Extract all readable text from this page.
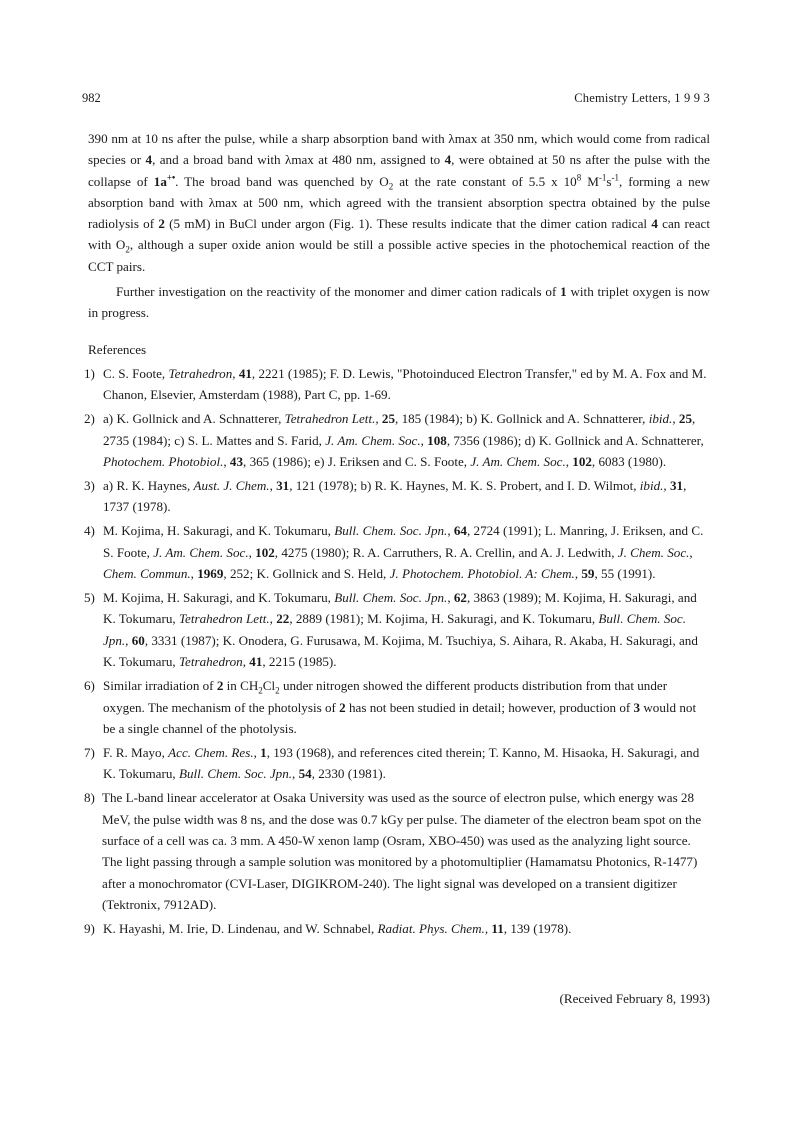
982	Chemistry Letters, 1 9 9 3

390 nm at 10 ns after the pulse, while a sharp absorption band with λmax at 350 nm, which would come from radical species or 4, and a broad band with λmax at 480 nm, assigned to 4, were obtained at 50 ns after the pulse with the collapse of 1a+•. The broad band was quenched by $O_2$ at the rate constant of 5.5 x $10^8$ $M^{-1}s^{-1}$, forming a new absorption band with λmax at 500 nm, which agreed with the transient absorption spectra obtained by the pulse radiolysis of 2 (5 mM) in BuCl under argon (Fig. 1). These results indicate that the dimer cation radical 4 can react with $O_2$, although a super oxide anion would be still a possible active species in the photochemical reaction of the CCT pairs.

Further investigation on the reactivity of the monomer and dimer cation radicals of 1 with triplet oxygen is now in progress.

References
1) C. S. Foote, Tetrahedron, 41, 2221 (1985); F. D. Lewis, "Photoinduced Electron Transfer," ed by M. A. Fox and M. Chanon, Elsevier, Amsterdam (1988), Part C, pp. 1-69.
2) a) K. Gollnick and A. Schnatterer, Tetrahedron Lett., 25, 185 (1984); b) K. Gollnick and A. Schnatterer, ibid., 25, 2735 (1984); c) S. L. Mattes and S. Farid, J. Am. Chem. Soc., 108, 7356 (1986); d) K. Gollnick and A. Schnatterer, Photochem. Photobiol., 43, 365 (1986); e) J. Eriksen and C. S. Foote, J. Am. Chem. Soc., 102, 6083 (1980).
3) a) R. K. Haynes, Aust. J. Chem., 31, 121 (1978); b) R. K. Haynes, M. K. S. Probert, and I. D. Wilmot, ibid., 31, 1737 (1978).
4) M. Kojima, H. Sakuragi, and K. Tokumaru, Bull. Chem. Soc. Jpn., 64, 2724 (1991); L. Manring, J. Eriksen, and C. S. Foote, J. Am. Chem. Soc., 102, 4275 (1980); R. A. Carruthers, R. A. Crellin, and A. J. Ledwith, J. Chem. Soc., Chem. Commun., 1969, 252; K. Gollnick and S. Held, J. Photochem. Photobiol. A: Chem., 59, 55 (1991).
5) M. Kojima, H. Sakuragi, and K. Tokumaru, Bull. Chem. Soc. Jpn., 62, 3863 (1989); M. Kojima, H. Sakuragi, and K. Tokumaru, Tetrahedron Lett., 22, 2889 (1981); M. Kojima, H. Sakuragi, and K. Tokumaru, Bull. Chem. Soc. Jpn., 60, 3331 (1987); K. Onodera, G. Furusawa, M. Kojima, M. Tsuchiya, S. Aihara, R. Akaba, H. Sakuragi, and K. Tokumaru, Tetrahedron, 41, 2215 (1985).
6) Similar irradiation of 2 in $CH_2Cl_2$ under nitrogen showed the different products distribution from that under oxygen. The mechanism of the photolysis of 2 has not been studied in detail; however, production of 3 would not be a single channel of the photolysis.
7) F. R. Mayo, Acc. Chem. Res., 1, 193 (1968), and references cited therein; T. Kanno, M. Hisaoka, H. Sakuragi, and K. Tokumaru, Bull. Chem. Soc. Jpn., 54, 2330 (1981).
8) The L-band linear accelerator at Osaka University was used as the source of electron pulse, which energy was 28 MeV, the pulse width was 8 ns, and the dose was 0.7 kGy per pulse. The diameter of the electron beam spot on the surface of a cell was ca. 3 mm. A 450-W xenon lamp (Osram, XBO-450) was used as the analyzing light source. The light passing through a sample solution was monitored by a photomultiplier (Hamamatsu Photonics, R-1477) after a monochromator (CVI-Laser, DIGIKROM-240). The light signal was developed on a transient digitizer (Tektronix, 7912AD).
9) K. Hayashi, M. Irie, D. Lindenau, and W. Schnabel, Radiat. Phys. Chem., 11, 139 (1978).
(Received February 8, 1993)
